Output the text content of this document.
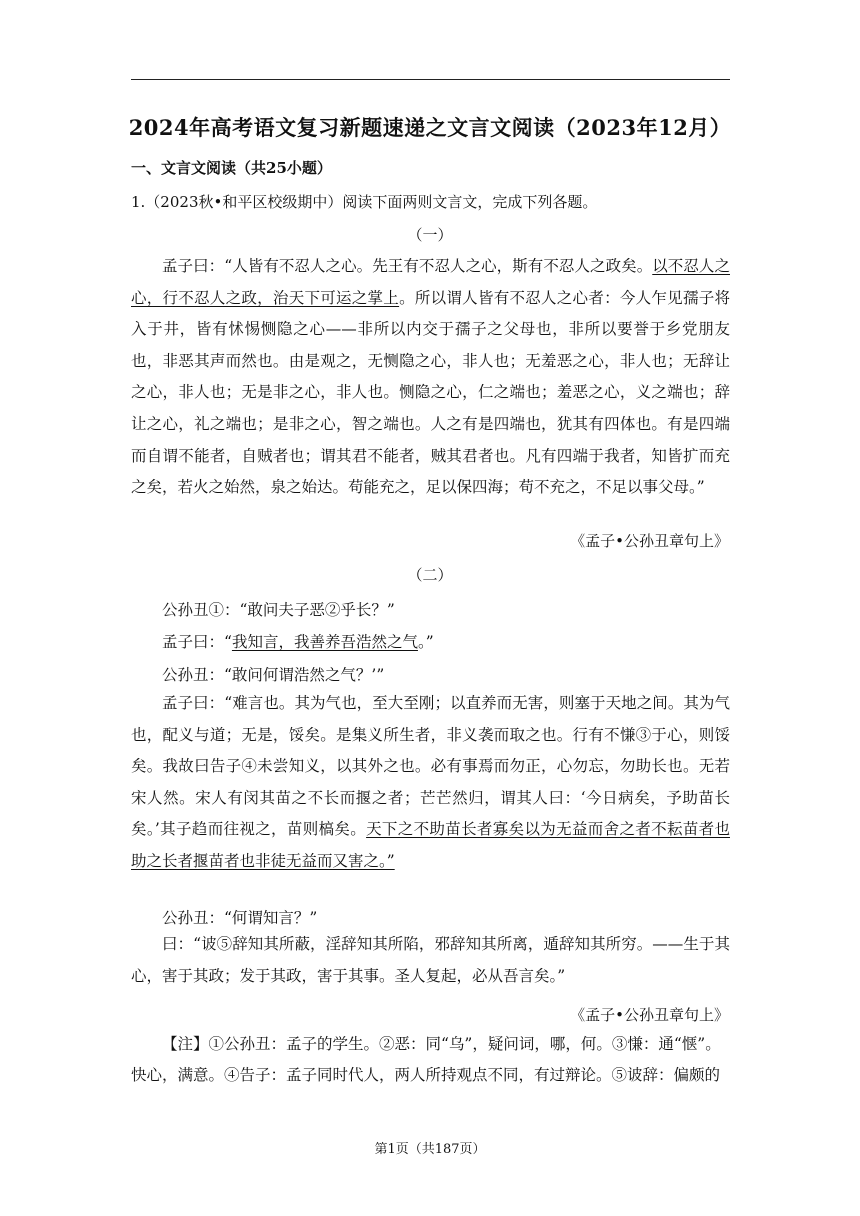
2024年高考语文复习新题速递之文言文阅读（2023年12月）
一、文言文阅读（共25小题）
1.（2023秋•和平区校级期中）阅读下面两则文言文，完成下列各题。
（一）

孟子曰：“人皆有不忍人之心。先王有不忍人之心，斯有不忍人之政矣。以不忍人之心，行不忍人之政，治天下可运之掌上。所以谓人皆有不忍人之心者：今人乍见孺子将入于井，皆有怵惕恻隐之心——非所以内交于孺子之父母也，非所以要誉于乡党朋友也，非恶其声而然也。由是观之，无恻隐之心，非人也；无羞恶之心，非人也；无辞让之心，非人也；无是非之心，非人也。恻隐之心，仁之端也；羞恶之心，义之端也；辞让之心，礼之端也；是非之心，智之端也。人之有是四端也，犹其有四体也。有是四端而自谓不能者，自贼者也；谓其君不能者，贼其君者也。凡有四端于我者，知皆扩而充之矣，若火之始然，泉之始达。苟能充之，足以保四海；苟不充之，不足以事父母。”

《孟子•公孙丑章句上》
（二）
公孙丑①：“敢问夫子恶②乎长？”
孟子曰：“我知言，我善养吾浩然之气。”
公孙丑：“敢问何谓浩然之气？’”

孟子曰：“难言也。其为气也，至大至刚；以直养而无害，则塞于天地之间。其为气也，配义与道；无是，馁矣。是集义所生者，非义袭而取之也。行有不慊③于心，则馁矣。我故曰告子④未尝知义，以其外之也。必有事焉而勿正，心勿忘，勿助长也。无若宋人然。宋人有闵其苗之不长而揠之者；芒芒然归，谓其人曰：‘今日病矣，予助苗长矣。’其子趋而往视之，苗则槁矣。天下之不助苗长者寡矣以为无益而舍之者不耘苗者也助之长者揠苗者也非徒无益而又害之。”

公孙丑：“何谓知言？”

曰：“诐⑤辞知其所蔽，淫辞知其所陷，邪辞知其所离，遁辞知其所穷。——生于其心，害于其政；发于其政，害于其事。圣人复起，必从吾言矣。”

《孟子•公孙丑章句上》

【注】①公孙丑：孟子的学生。②恶：同“乌”，疑问词，哪，何。③慊：通“惬”。快心，满意。④告子：孟子同时代人，两人所持观点不同，有过辩论。⑤诐辞：偏颇的

第1页（共187页）
